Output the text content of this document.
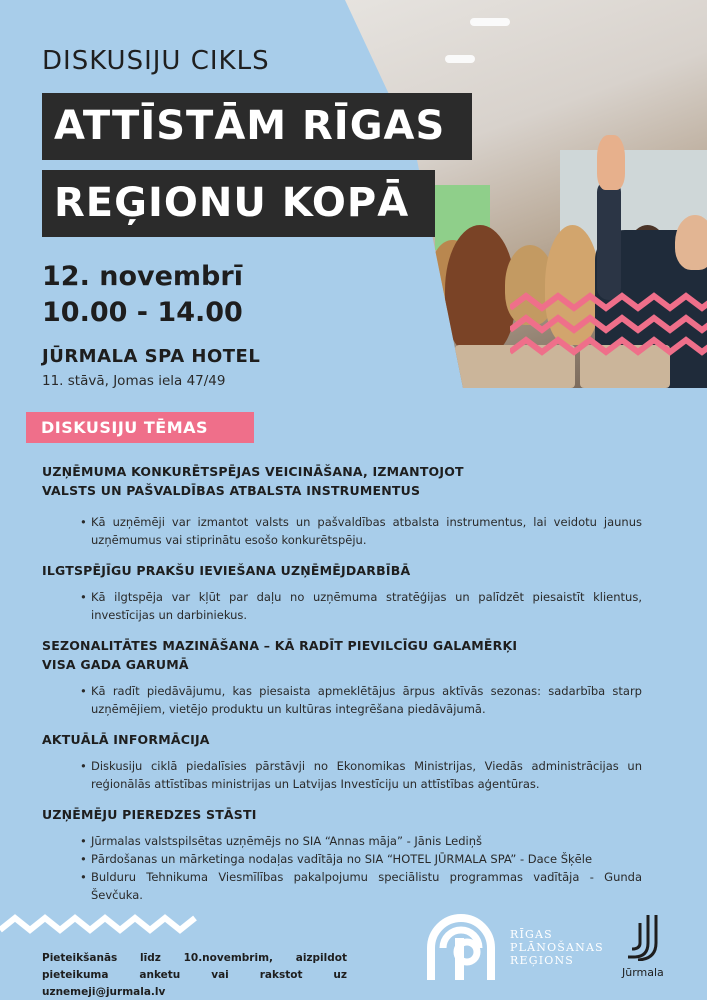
DISKUSIJU CIKLS
ATTĪSTĀM RĪGAS
REĢIONU KOPĀ
12. novembrī
10.00 - 14.00
JŪRMALA SPA HOTEL
11. stāvā, Jomas iela 47/49
DISKUSIJU TĒMAS
UZŅĒMUMA KONKURĒTSPĒJAS VEICINĀŠANA, IZMANTOJOT
VALSTS UN PAŠVALDĪBAS ATBALSTA INSTRUMENTUS
• Kā uzņēmēji var izmantot valsts un pašvaldības atbalsta instrumentus, lai veidotu jaunus uzņēmumus vai stiprinātu esošo konkurētspēju.
ILGTSPĒJĪGU PRAKŠU IEVIEŠANA UZŅĒMĒJDARBĪBĀ
• Kā ilgtspēja var kļūt par daļu no uzņēmuma stratēģijas un palīdzēt piesaistīt klientus, investīcijas un darbiniekus.
SEZONALITĀTES MAZINĀŠANA – KĀ RADĪT PIEVILCĪGU GALAMĒRĶI
VISA GADA GARUMĀ
• Kā radīt piedāvājumu, kas piesaista apmeklētājus ārpus aktīvās sezonas: sadarbība starp uzņēmējiem, vietējo produktu un kultūras integrēšana piedāvājumā.
AKTUĀLĀ INFORMĀCIJA
• Diskusiju ciklā piedalīsies pārstāvji no Ekonomikas Ministrijas, Viedās administrācijas un reģionālās attīstības ministrijas un Latvijas Investīciju un attīstības aģentūras.
UZŅĒMĒJU PIEREDZES STĀSTI
• Jūrmalas valstspilsētas uzņēmējs no SIA “Annas māja” - Jānis Lediņš
• Pārdošanas un mārketinga nodaļas vadītāja no SIA “HOTEL JŪRMALA SPA” - Dace Šķēle
• Bulduru Tehnikuma Viesmīlības pakalpojumu speciālistu programmas vadītāja - Gunda Ševčuka.
Pieteikšanās līdz 10.novembrim, aizpildot pieteikuma anketu vai rakstot uz uznemeji@jurmala.lv
RĪGAS
PLĀNOŠANAS
REĢIONS
Jūrmala
